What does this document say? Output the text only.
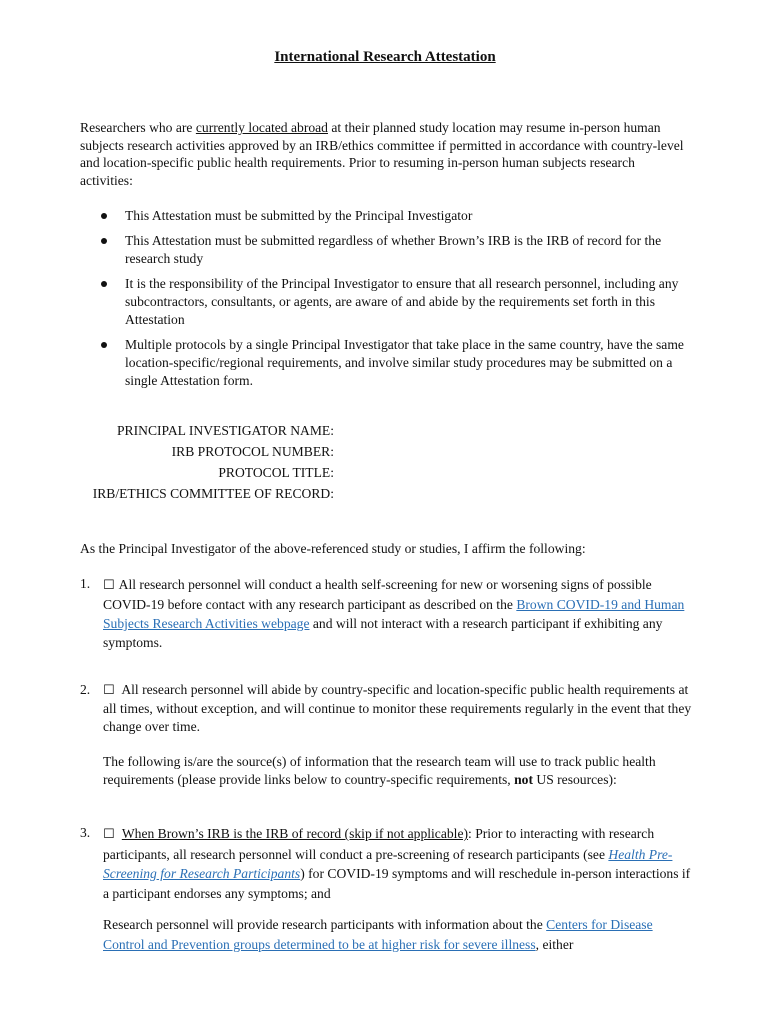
International Research Attestation
Researchers who are currently located abroad at their planned study location may resume in-person human subjects research activities approved by an IRB/ethics committee if permitted in accordance with country-level and location-specific public health requirements. Prior to resuming in-person human subjects research activities:
This Attestation must be submitted by the Principal Investigator
This Attestation must be submitted regardless of whether Brown’s IRB is the IRB of record for the research study
It is the responsibility of the Principal Investigator to ensure that all research personnel, including any subcontractors, consultants, or agents, are aware of and abide by the requirements set forth in this Attestation
Multiple protocols by a single Principal Investigator that take place in the same country, have the same location-specific/regional requirements, and involve similar study procedures may be submitted on a single Attestation form.
PRINCIPAL INVESTIGATOR NAME:
IRB PROTOCOL NUMBER:
PROTOCOL TITLE:
IRB/ETHICS COMMITTEE OF RECORD:
As the Principal Investigator of the above-referenced study or studies, I affirm the following:
1. ☐ All research personnel will conduct a health self-screening for new or worsening signs of possible COVID-19 before contact with any research participant as described on the Brown COVID-19 and Human Subjects Research Activities webpage and will not interact with a research participant if exhibiting any symptoms.
2. ☐ All research personnel will abide by country-specific and location-specific public health requirements at all times, without exception, and will continue to monitor these requirements regularly in the event that they change over time.
The following is/are the source(s) of information that the research team will use to track public health requirements (please provide links below to country-specific requirements, not US resources):
3. ☐ When Brown’s IRB is the IRB of record (skip if not applicable): Prior to interacting with research participants, all research personnel will conduct a pre-screening of research participants (see Health Pre-Screening for Research Participants) for COVID-19 symptoms and will reschedule in-person interactions if a participant endorses any symptoms; and
Research personnel will provide research participants with information about the Centers for Disease Control and Prevention groups determined to be at higher risk for severe illness, either
